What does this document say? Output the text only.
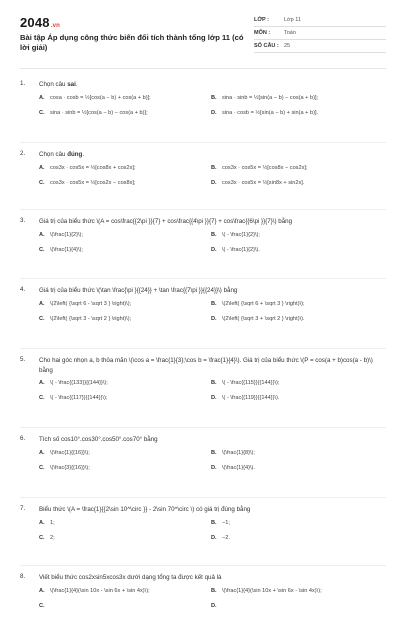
2048.vn
Bài tập Áp dụng công thức biến đổi tích thành tổng lớp 11 (có lời giải)
LỚP :	Lớp 11
MÔN :	Toán
SỐ CÂU : 25
1. Chọn câu sai.
A. cosa · cosb = ½[cos(a − b) + cos(a + b)];	B. sina · sinb = ½[sin(a − b) − cos(a + b)];
C. sina · sinb = ½[cos(a − b) − cos(a + b)];	D. sina · cosb = ½[sin(a − b) + sin(a + b)].
2. Chọn câu đúng.
A. cos3x · cos5x = ½[cos8x + cos2x];	B. cos3x · cos5x = ½[cos8x − cos2x];
C. cos3x · cos5x = ½[cos2x − cos8x];	D. cos3x · cos5x = ½[sin8x + sin2x].
3. Giá trị của biểu thức \(A = cos\frac{{2\pi }}{7} + cos\frac{{4\pi }}{7} + cos\frac{{6\pi }}{7}\) bằng
A. \(\frac{1}{2}\);	B. \( - \frac{1}{2}\);
C. \(\frac{1}{4}\);	D. \( - \frac{1}{2}\).
4. Giá trị của biểu thức \(\tan \frac{\pi }{{24}} + \tan \frac{{7\pi }}{{24}}\) bằng
A. \(2\left( {\sqrt 6 - \sqrt 3 } \right)\);	B. \(2\left( {\sqrt 6 + \sqrt 3 } \right)\);
C. \(2\left( {\sqrt 3 - \sqrt 2 } \right)\);	D. \(2\left( {\sqrt 3 + \sqrt 2 } \right)\).
5. Cho hai góc nhọn a, b thỏa mãn \(\cos a = \frac{1}{3};\cos b = \frac{1}{4}\). Giá trị của biểu thức \(P = cos(a + b)cos(a - b)\) bằng
A. \( - \frac{{133}}{{144}}\);	B. \( - \frac{{115}}{{144}}\);
C. \( - \frac{{117}}{{144}}\);	D. \( - \frac{{119}}{{144}}\).
6. Tích số cos10°.cos30°.cos50°.cos70° bằng
A. \(\frac{1}{{16}}\);	B. \(\frac{1}{8}\);
C. \(\frac{3}{{16}}\);	D. \(\frac{1}{4}\).
7. Biểu thức \(A = \frac{1}{{2\sin 10^\circ }} - 2\sin 70^\circ \) có giá trị đúng bằng
A. 1;	B. −1;
C. 2;	D. −2.
8. Viết biểu thức cos2xsin5xcos3x dưới dạng tổng ta được kết quả là
A. \(\frac{1}{4}(\sin 10x - \sin 6x + \sin 4x)\);	B. \(\frac{1}{4}(\sin 10x + \sin 6x - \sin 4x)\);
C.	D.
